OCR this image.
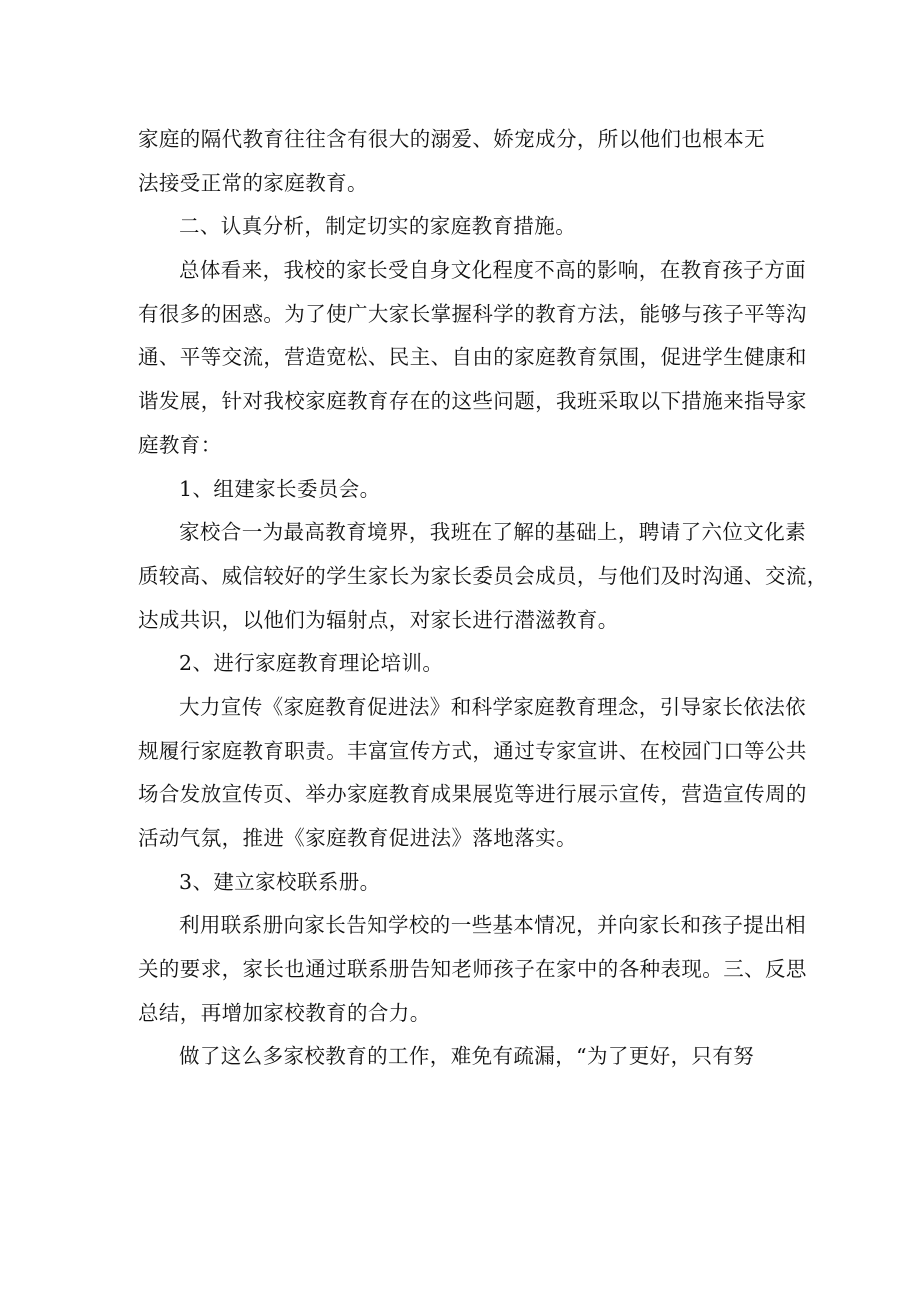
家庭的隔代教育往往含有很大的溺爱、娇宠成分，所以他们也根本无
法接受正常的家庭教育。
二、认真分析，制定切实的家庭教育措施。
总体看来，我校的家长受自身文化程度不高的影响，在教育孩子方面
有很多的困惑。为了使广大家长掌握科学的教育方法，能够与孩子平等沟
通、平等交流，营造宽松、民主、自由的家庭教育氛围，促进学生健康和
谐发展，针对我校家庭教育存在的这些问题，我班采取以下措施来指导家
庭教育：
1、组建家长委员会。
家校合一为最高教育境界，我班在了解的基础上，聘请了六位文化素
质较高、威信较好的学生家长为家长委员会成员，与他们及时沟通、交流，
达成共识，以他们为辐射点，对家长进行潜滋教育。
2、进行家庭教育理论培训。
大力宣传《家庭教育促进法》和科学家庭教育理念，引导家长依法依
规履行家庭教育职责。丰富宣传方式，通过专家宣讲、在校园门口等公共
场合发放宣传页、举办家庭教育成果展览等进行展示宣传，营造宣传周的
活动气氛，推进《家庭教育促进法》落地落实。
3、建立家校联系册。
利用联系册向家长告知学校的一些基本情况，并向家长和孩子提出相
关的要求，家长也通过联系册告知老师孩子在家中的各种表现。三、反思
总结，再增加家校教育的合力。
做了这么多家校教育的工作，难免有疏漏，“为了更好，只有努
